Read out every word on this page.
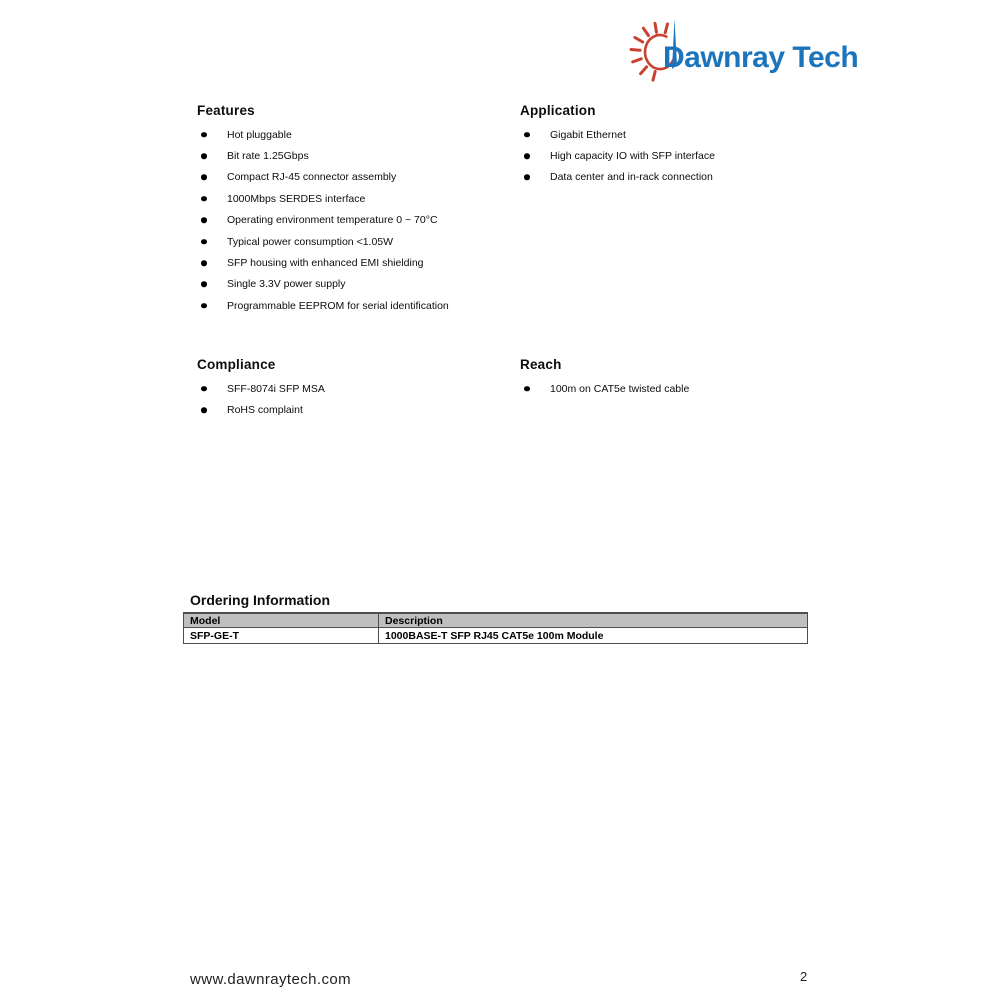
Dawnray Tech
Features
Hot pluggable
Bit rate 1.25Gbps
Compact RJ-45 connector assembly
1000Mbps SERDES interface
Operating environment temperature 0 ~ 70°C
Typical power consumption <1.05W
SFP housing with enhanced EMI shielding
Single 3.3V power supply
Programmable EEPROM for serial identification
Application
Gigabit Ethernet
High capacity IO with SFP interface
Data center and in-rack connection
Compliance
SFF-8074i SFP MSA
RoHS complaint
Reach
100m on CAT5e twisted cable
Ordering Information
Model	Description
SFP-GE-T	1000BASE-T SFP RJ45 CAT5e 100m Module
www.dawnraytech.com	2
